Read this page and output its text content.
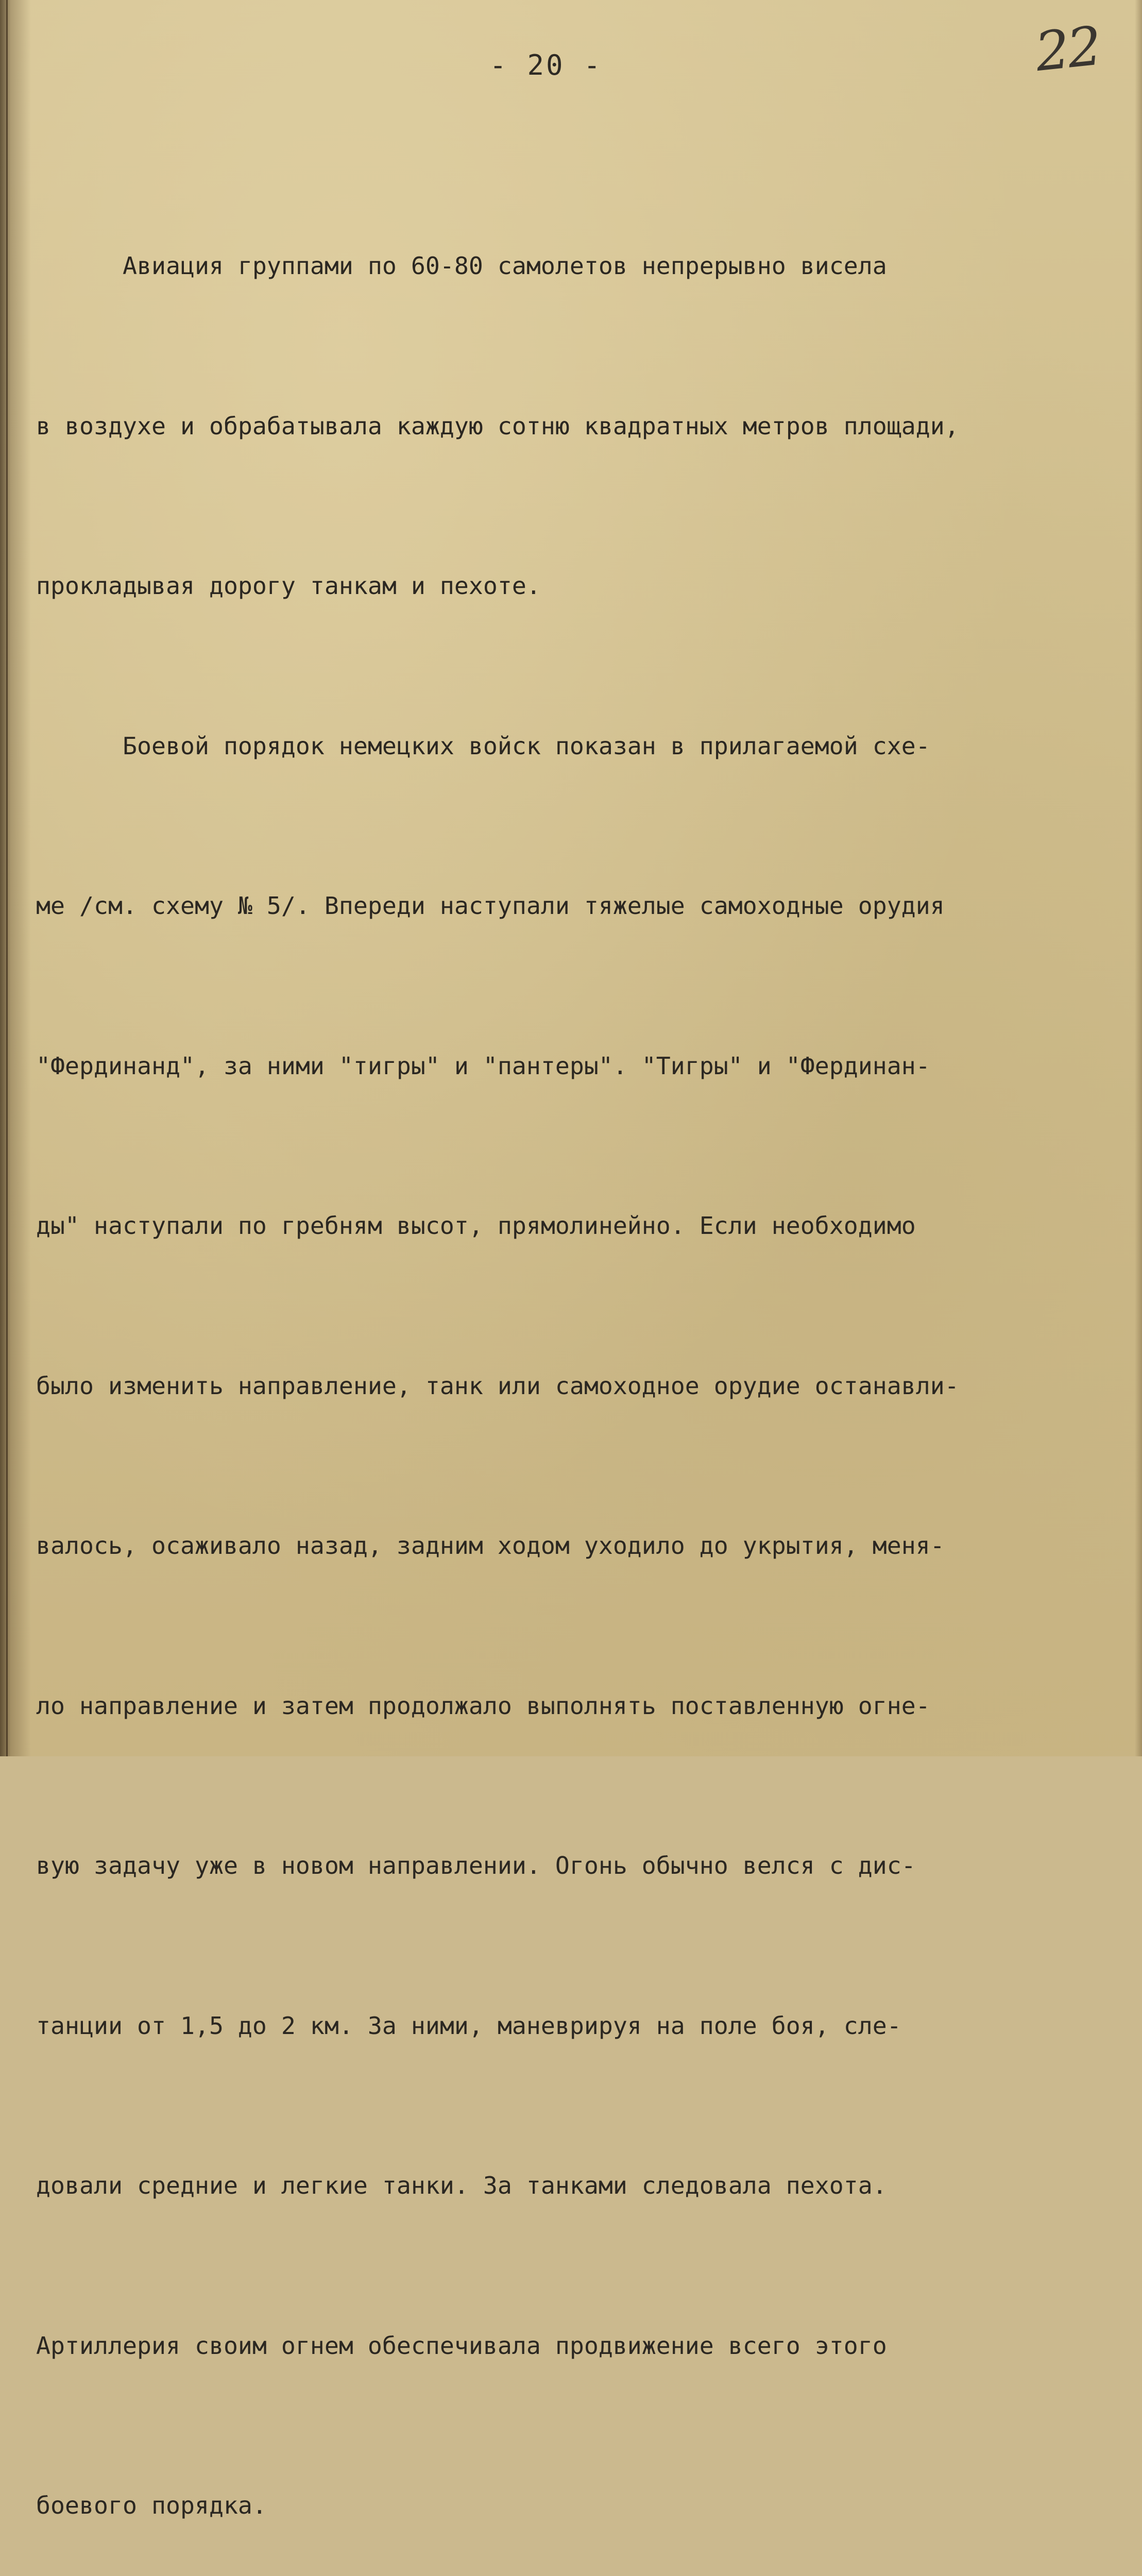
- 20 -	22

Авиация группами по 60-80 самолетов непрерывно висела

в воздухе и обрабатывала каждую сотню квадратных метров площади,

прокладывая дорогу танкам и пехоте.

Боевой порядок немецких войск показан в прилагаемой схе-

ме /см. схему № 5/. Впереди наступали тяжелые самоходные орудия

"Фердинанд", за ними "тигры" и "пантеры". "Тигры" и "Фердинан-

ды" наступали по гребням высот, прямолинейно. Если необходимо

было изменить направление, танк или самоходное орудие останавли-

валось, осаживало назад, задним ходом уходило до укрытия, меня-

ло направление и затем продолжало выполнять поставленную огне-

вую задачу уже в новом направлении. Огонь обычно велся с дис-

танции от 1,5 до 2 км. За ними, маневрируя на поле боя, сле-

довали средние и легкие танки. За танками следовала пехота.

Артиллерия своим огнем обеспечивала продвижение всего этого

боевого порядка.
